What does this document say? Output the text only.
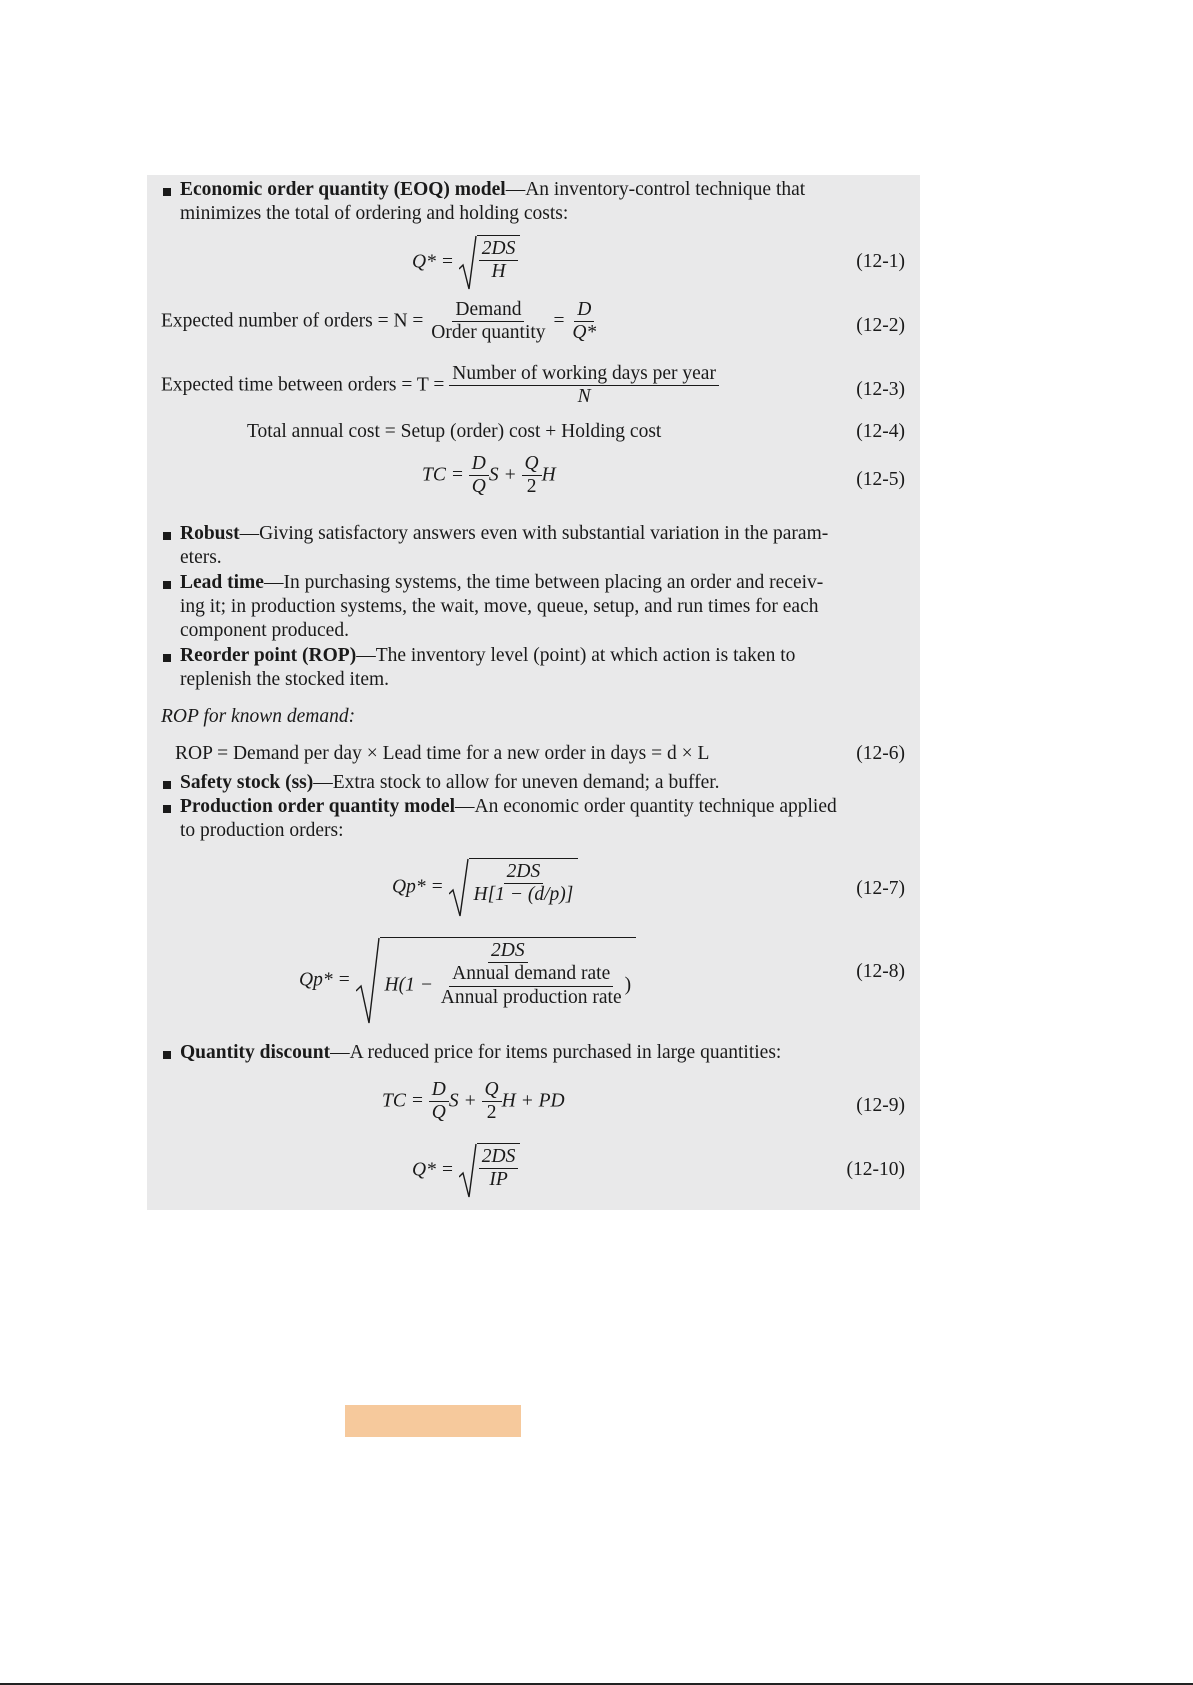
Economic order quantity (EOQ) model—An inventory-control technique that
minimizes the total of ordering and holding costs:
$Q* = \frac{2DS}{H}$	(12-1)
Expected number of orders = $N = \frac{\text{Demand}}{\text{Order quantity}} = \frac{D}{Q*}$	(12-2)
Expected time between orders = $T = \frac{\text{Number of working days per year}}{N}$	(12-3)
Total annual cost = Setup (order) cost + Holding cost	(12-4)
TC = $\frac{D}{Q}$ $S + \frac{Q}{2}$ H	(12-5)
Robust—Giving satisfactory answers even with substantial variation in the param-
eters.
Lead time—In purchasing systems, the time between placing an order and receiv-
ing it; in production systems, the wait, move, queue, setup, and run times for each
component produced.
Reorder point (ROP)—The inventory level (point) at which action is taken to
replenish the stocked item.
ROP for known demand:
ROP = Demand per day × Lead time for a new order in days = d × L	(12-6)
Safety stock (ss)—Extra stock to allow for uneven demand; a buffer.
Production order quantity model—An economic order quantity technique applied
to production orders:
$Qp* = \frac{2DS}{H[1 - (d/p)]}$	(12-7)
Qp* =
2DS
$H(1 - \frac{\text{Annual demand rate}}{\text{Annual production rate}}$ )
(12-8)
Quantity discount—A reduced price for items purchased in large quantities:
TC = $\frac{D}{Q}$ $S + \frac{Q}{2}$ H + PD	(12-9)
$Q* = \frac{2DS}{IP}$	(12-10)
